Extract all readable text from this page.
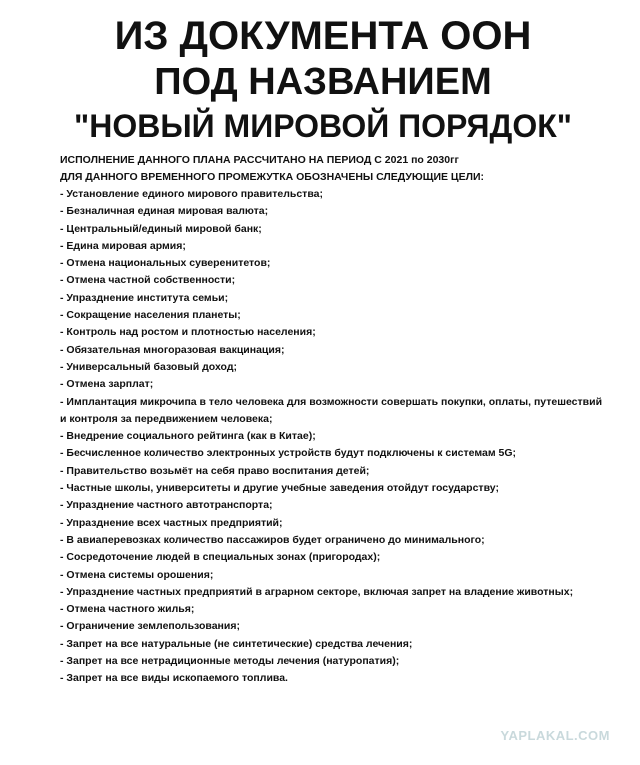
ИЗ ДОКУМЕНТА ООН
ПОД НАЗВАНИЕМ
"НОВЫЙ МИРОВОЙ ПОРЯДОК"
ИСПОЛНЕНИЕ ДАННОГО ПЛАНА РАССЧИТАНО НА ПЕРИОД С 2021 по 2030гг
ДЛЯ ДАННОГО ВРЕМЕННОГО ПРОМЕЖУТКА ОБОЗНАЧЕНЫ СЛЕДУЮЩИЕ ЦЕЛИ:
- Установление единого мирового правительства;
- Безналичная единая мировая валюта;
- Центральный/единый мировой банк;
- Едина мировая армия;
- Отмена национальных суверенитетов;
- Отмена частной собственности;
- Упразднение института семьи;
- Сокращение населения планеты;
- Контроль над ростом и плотностью населения;
- Обязательная многоразовая вакцинация;
- Универсальный базовый доход;
- Отмена зарплат;
- Имплантация микрочипа в тело человека для возможности совершать покупки, оплаты, путешествий и контроля за передвижением человека;
- Внедрение социального рейтинга (как в Китае);
- Бесчисленное количество электронных устройств будут подключены к системам 5G;
- Правительство возьмёт на себя право воспитания детей;
- Частные школы, университеты и другие учебные заведения отойдут государству;
- Упразднение частного автотранспорта;
- Упразднение всех частных предприятий;
- В авиаперевозках количество пассажиров будет ограничено до минимального;
- Сосредоточение людей в специальных зонах (пригородах);
- Отмена системы орошения;
- Упразднение частных предприятий в аграрном секторе, включая запрет на владение животных;
- Отмена частного жилья;
- Ограничение землепользования;
- Запрет на все натуральные (не синтетические) средства лечения;
- Запрет на все нетрадиционные методы лечения (натуропатия);
- Запрет на все виды ископаемого топлива.
YAPLAKAL.COM
